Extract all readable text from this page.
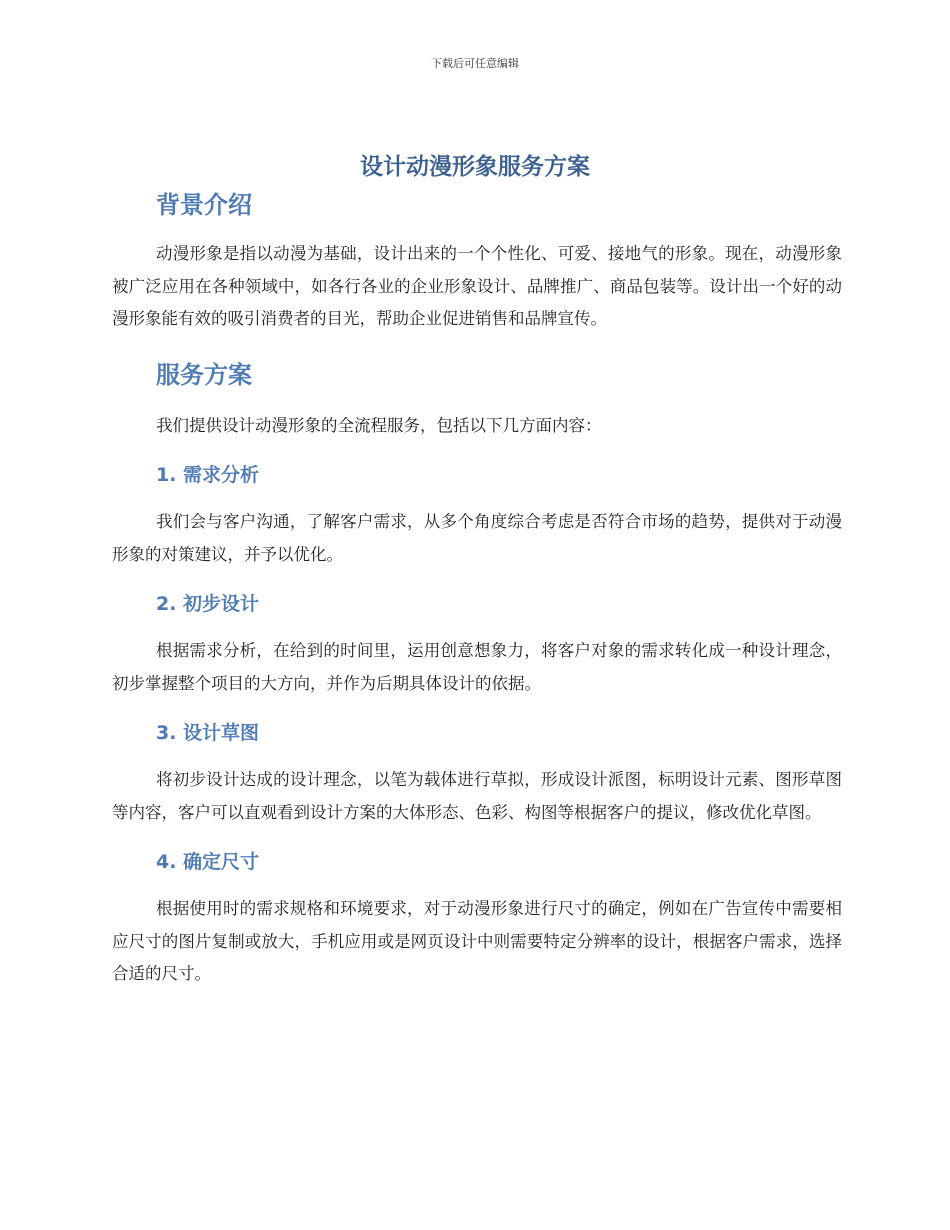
下载后可任意编辑
设计动漫形象服务方案
背景介绍

动漫形象是指以动漫为基础，设计出来的一个个性化、可爱、接地气的形象。现在，动漫形象被广泛应用在各种领域中，如各行各业的企业形象设计、品牌推广、商品包装等。设计出一个好的动漫形象能有效的吸引消费者的目光，帮助企业促进销售和品牌宣传。

服务方案

我们提供设计动漫形象的全流程服务，包括以下几方面内容：

1. 需求分析

我们会与客户沟通，了解客户需求，从多个角度综合考虑是否符合市场的趋势，提供对于动漫形象的对策建议，并予以优化。

2. 初步设计

根据需求分析，在给到的时间里，运用创意想象力，将客户对象的需求转化成一种设计理念，初步掌握整个项目的大方向，并作为后期具体设计的依据。

3. 设计草图

将初步设计达成的设计理念，以笔为载体进行草拟，形成设计派图，标明设计元素、图形草图等内容，客户可以直观看到设计方案的大体形态、色彩、构图等根据客户的提议，修改优化草图。

4. 确定尺寸

根据使用时的需求规格和环境要求，对于动漫形象进行尺寸的确定，例如在广告宣传中需要相应尺寸的图片复制或放大，手机应用或是网页设计中则需要特定分辨率的设计，根据客户需求，选择合适的尺寸。
